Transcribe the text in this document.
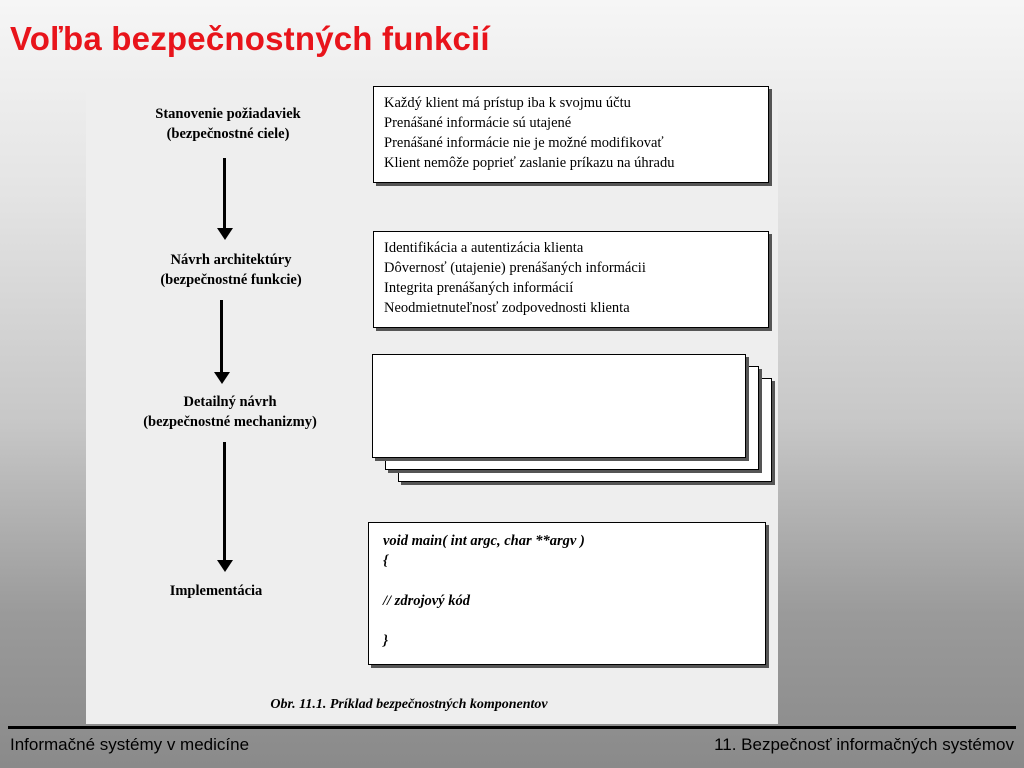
Voľba bezpečnostných funkcií
Stanovenie požiadaviek
(bezpečnostné ciele)
Návrh architektúry
(bezpečnostné funkcie)
Detailný návrh
(bezpečnostné mechanizmy)
Implementácia
Každý klient má prístup iba k svojmu účtu
Prenášané informácie sú utajené
Prenášané informácie nie je možné modifikovať
Klient nemôže poprieť zaslanie príkazu na úhradu
Identifikácia a autentizácia klienta
Dôvernosť (utajenie) prenášaných informácii
Integrita prenášaných informácií
Neodmietnuteľnosť zodpovednosti klienta
void main( int argc, char **argv )
{
// zdrojový kód
}
Obr. 11.1. Príklad bezpečnostných komponentov
Informačné systémy v medicíne	11. Bezpečnosť informačných systémov
